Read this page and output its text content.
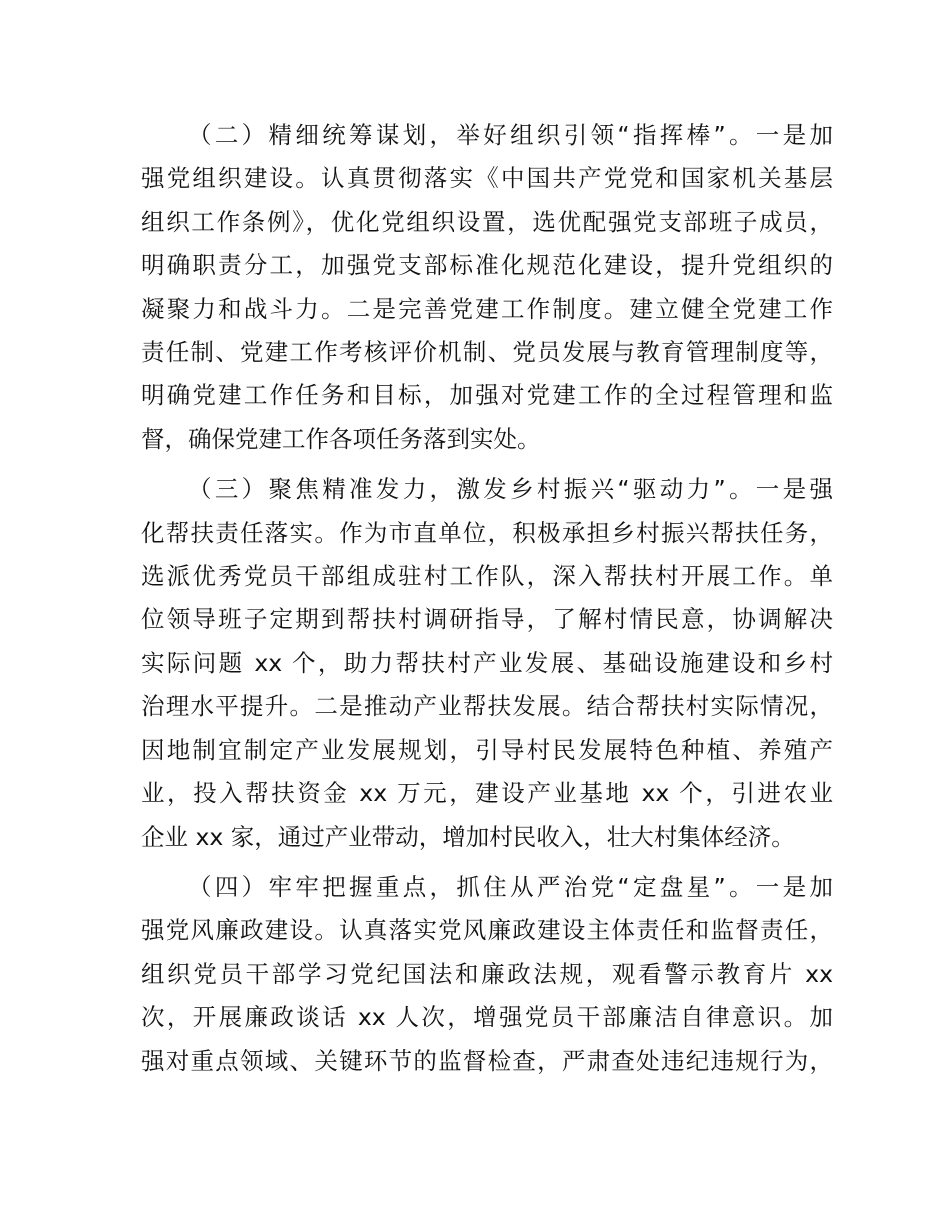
（二）精细统筹谋划，举好组织引领“指挥棒”。一是加
强党组织建设。认真贯彻落实《中国共产党党和国家机关基层
组织工作条例》，优化党组织设置，选优配强党支部班子成员，
明确职责分工，加强党支部标准化规范化建设，提升党组织的
凝聚力和战斗力。二是完善党建工作制度。建立健全党建工作
责任制、党建工作考核评价机制、党员发展与教育管理制度等，
明确党建工作任务和目标，加强对党建工作的全过程管理和监
督，确保党建工作各项任务落到实处。
（三）聚焦精准发力，激发乡村振兴“驱动力”。一是强
化帮扶责任落实。作为市直单位，积极承担乡村振兴帮扶任务，
选派优秀党员干部组成驻村工作队，深入帮扶村开展工作。单
位领导班子定期到帮扶村调研指导，了解村情民意，协调解决
实际问题 xx 个，助力帮扶村产业发展、基础设施建设和乡村
治理水平提升。二是推动产业帮扶发展。结合帮扶村实际情况，
因地制宜制定产业发展规划，引导村民发展特色种植、养殖产
业，投入帮扶资金 xx 万元，建设产业基地 xx 个，引进农业
企业 xx 家，通过产业带动，增加村民收入，壮大村集体经济。
（四）牢牢把握重点，抓住从严治党“定盘星”。一是加
强党风廉政建设。认真落实党风廉政建设主体责任和监督责任，
组织党员干部学习党纪国法和廉政法规，观看警示教育片 xx
次，开展廉政谈话 xx 人次，增强党员干部廉洁自律意识。加
强对重点领域、关键环节的监督检查，严肃查处违纪违规行为，
